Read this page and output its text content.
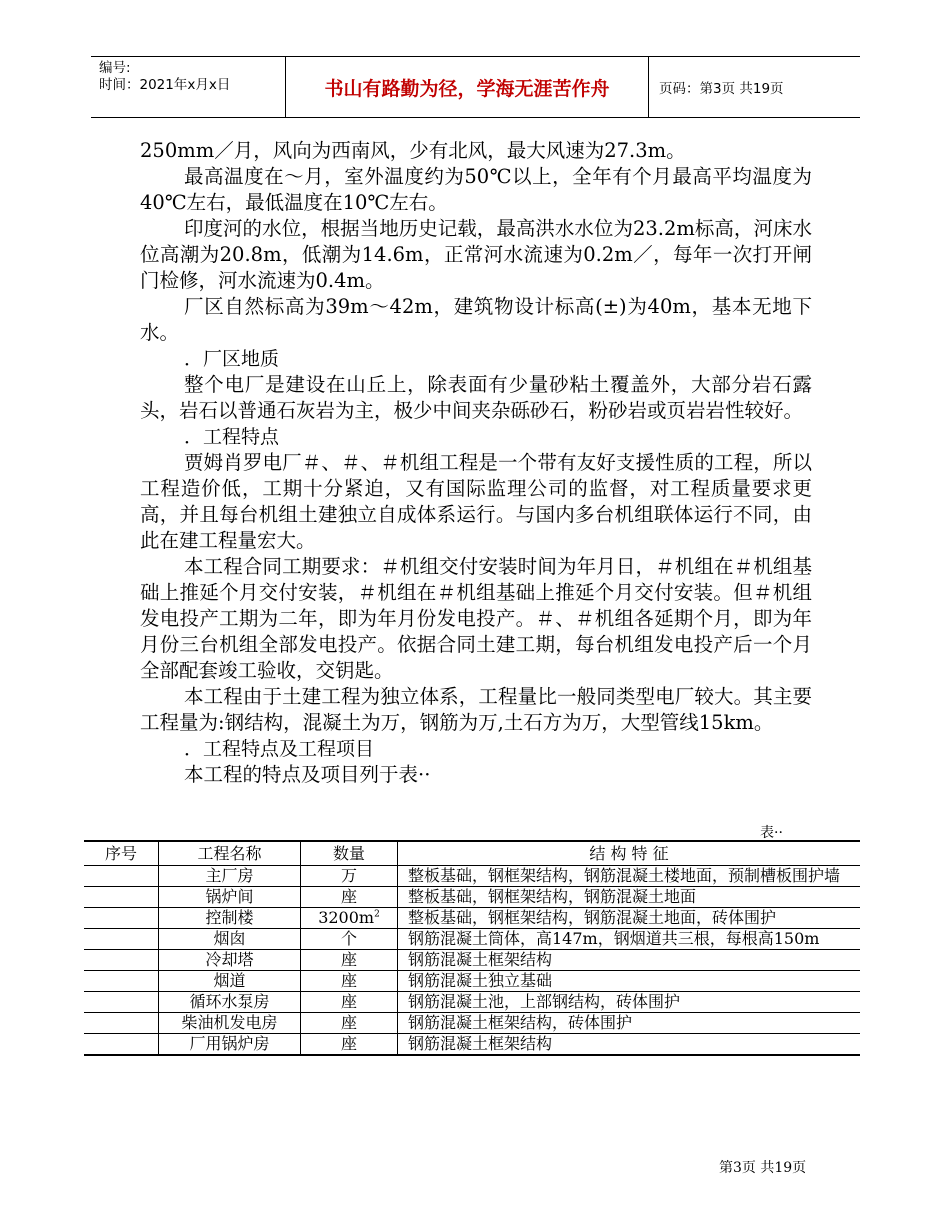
编号:
时间：2021年x月x日	书山有路勤为径，学海无涯苦作舟	页码：第3页 共19页

250mm／月，风向为西南风，少有北风，最大风速为27.3m。

最高温度在～月，室外温度约为50℃以上，全年有个月最高平均温度为40℃左右，最低温度在10℃左右。

印度河的水位，根据当地历史记载，最高洪水水位为23.2m标高，河床水位高潮为20.8m，低潮为14.6m，正常河水流速为0.2m／，每年一次打开闸门检修，河水流速为0.4m。

厂区自然标高为39m～42m，建筑物设计标高(±)为40m，基本无地下水。

．厂区地质

整个电厂是建设在山丘上，除表面有少量砂粘土覆盖外，大部分岩石露头，岩石以普通石灰岩为主，极少中间夹杂砾砂石，粉砂岩或页岩岩性较好。

．工程特点

贾姆肖罗电厂＃、＃、＃机组工程是一个带有友好支援性质的工程，所以工程造价低，工期十分紧迫，又有国际监理公司的监督，对工程质量要求更高，并且每台机组土建独立自成体系运行。与国内多台机组联体运行不同，由此在建工程量宏大。

本工程合同工期要求：＃机组交付安装时间为年月日，＃机组在＃机组基础上推延个月交付安装，＃机组在＃机组基础上推延个月交付安装。但＃机组发电投产工期为二年，即为年月份发电投产。＃、＃机组各延期个月，即为年月份三台机组全部发电投产。依据合同土建工期，每台机组发电投产后一个月全部配套竣工验收，交钥匙。

本工程由于土建工程为独立体系，工程量比一般同类型电厂较大。其主要工程量为:钢结构，混凝土为万，钢筋为万,土石方为万，大型管线15km。

．工程特点及工程项目

本工程的特点及项目列于表··

表··
序号	工程名称	数量	结 构 特 征
	主厂房	万	整板基础，钢框架结构，钢筋混凝土楼地面，预制槽板围护墙
	锅炉间	座	整板基础，钢框架结构，钢筋混凝土地面
	控制楼	$3200m^2$	整板基础，钢框架结构，钢筋混凝土地面，砖体围护
	烟囱	个	钢筋混凝土筒体，高147m，钢烟道共三根，每根高150m
	冷却塔	座	钢筋混凝土框架结构
	烟道	座	钢筋混凝土独立基础
	循环水泵房	座	钢筋混凝土池，上部钢结构，砖体围护
	柴油机发电房	座	钢筋混凝土框架结构，砖体围护
	厂用锅炉房	座	钢筋混凝土框架结构
第3页 共19页
